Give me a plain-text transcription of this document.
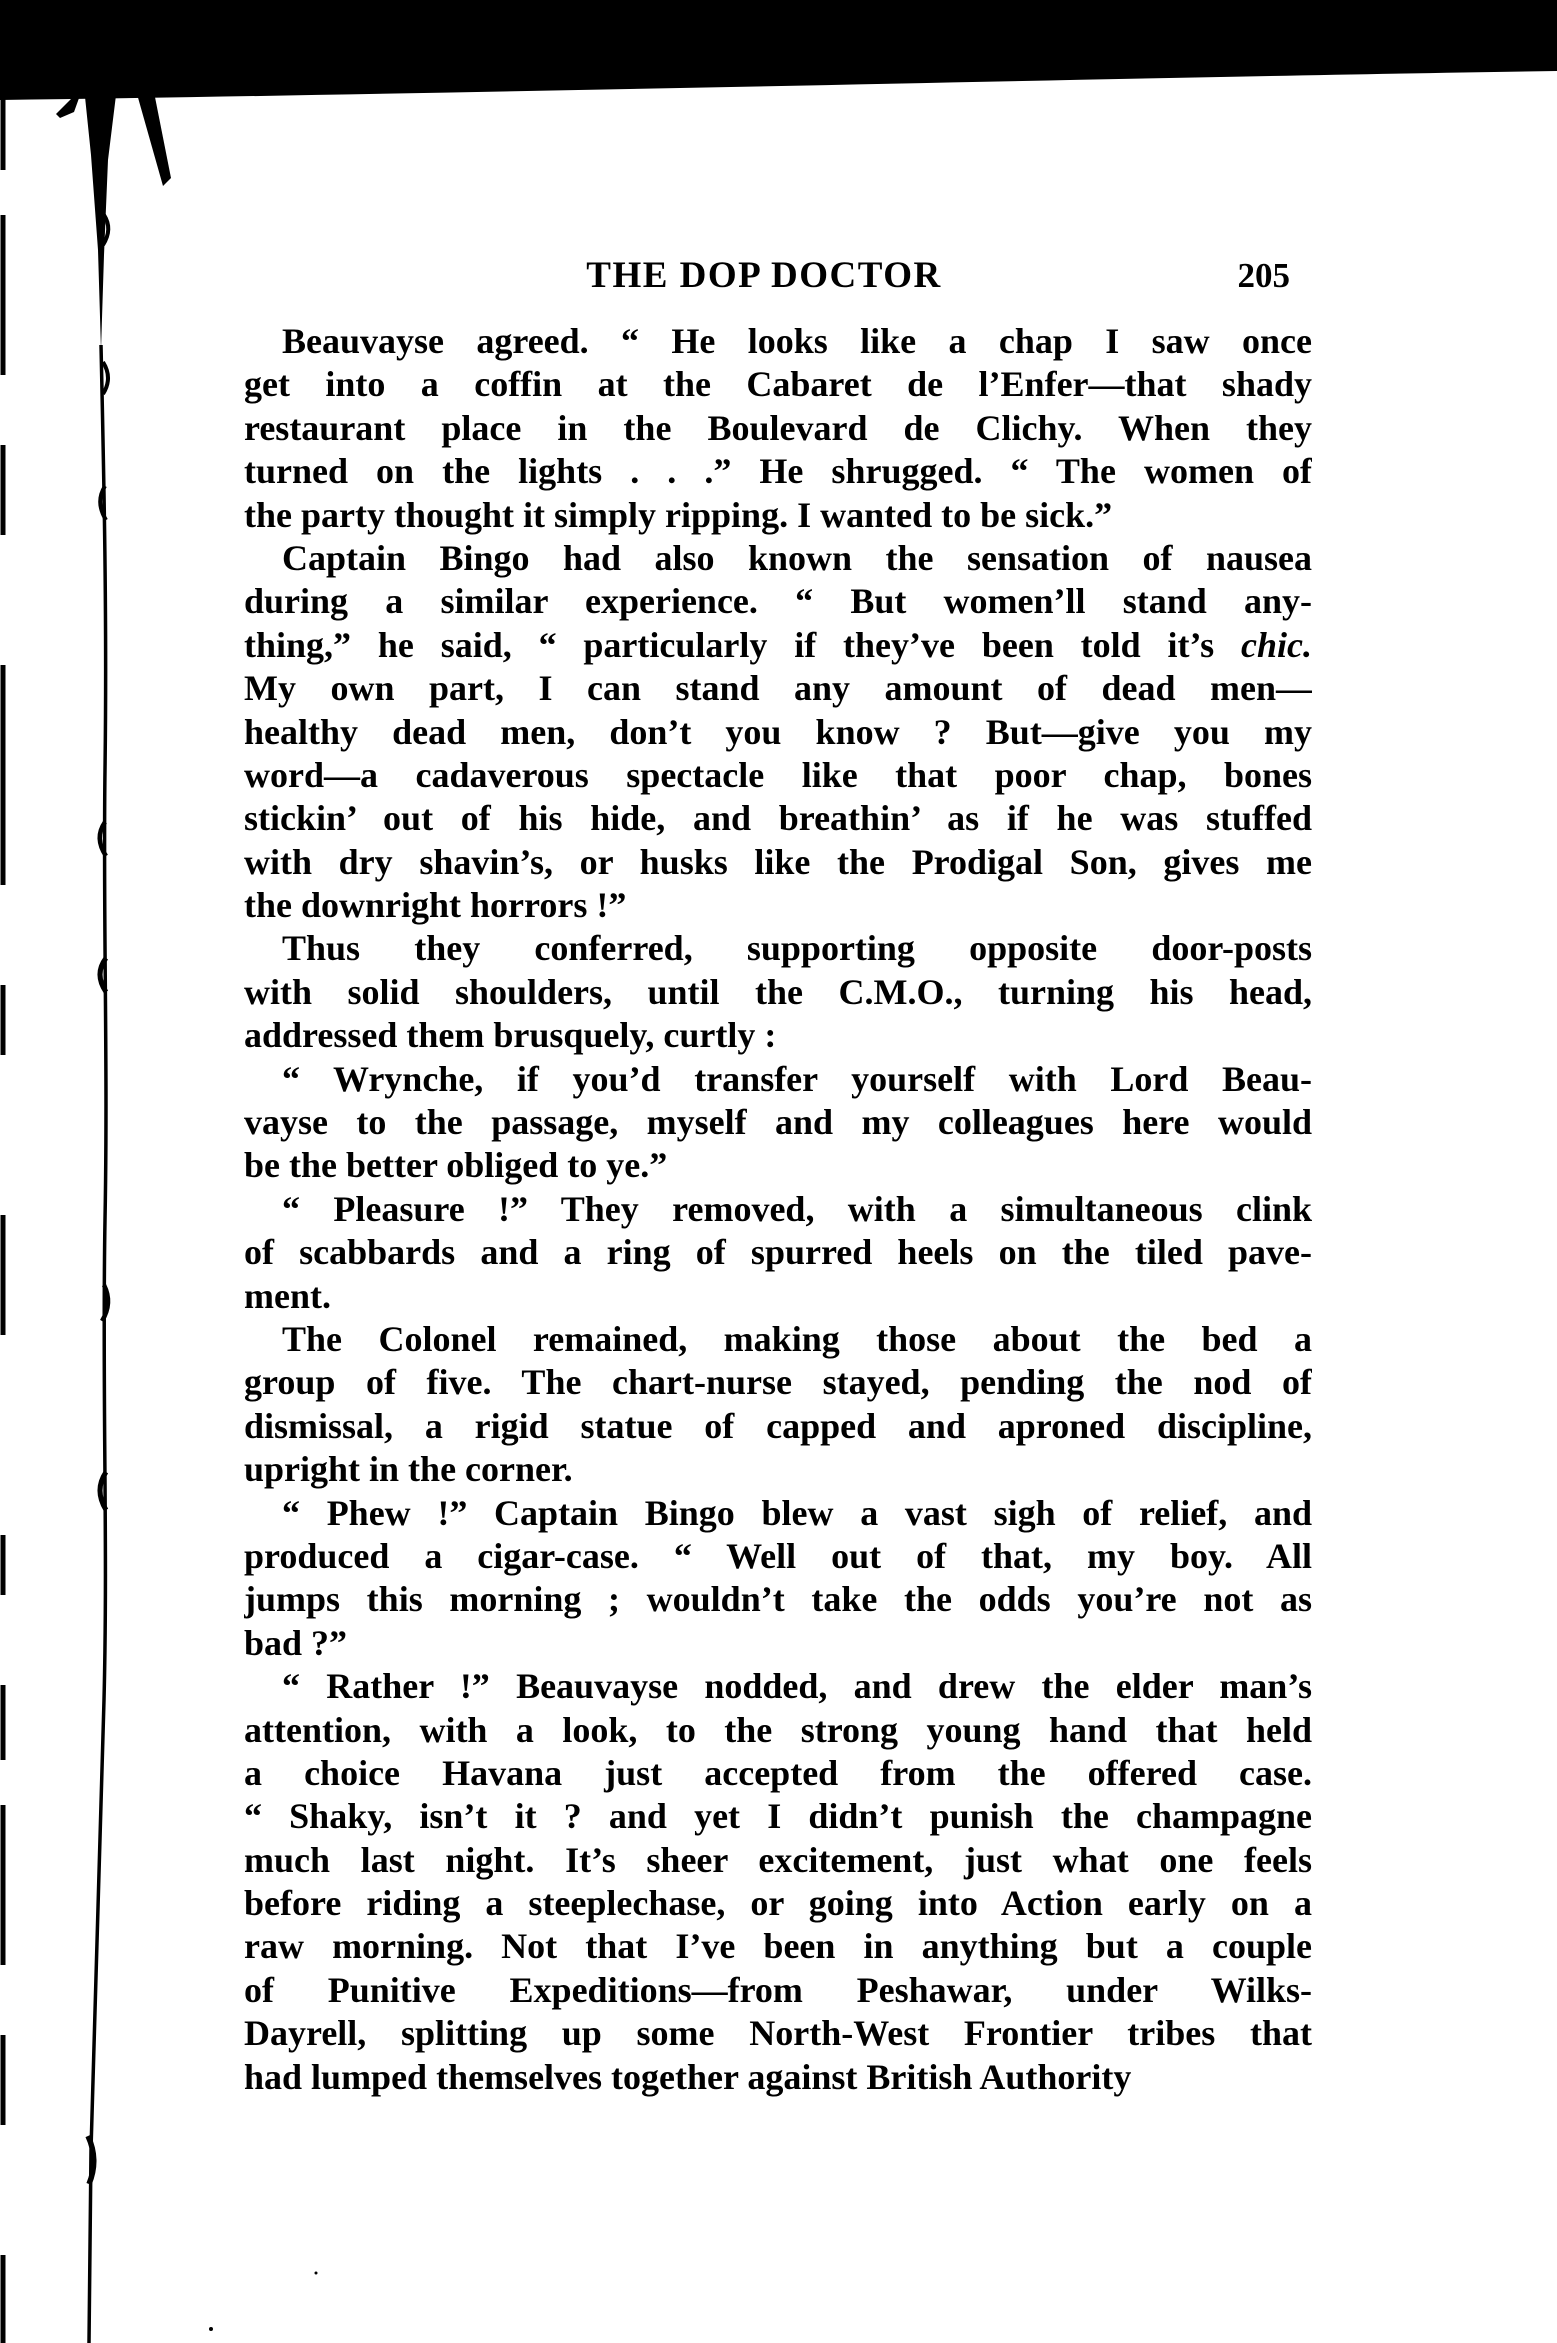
THE DOP DOCTOR	205
Beauvayse agreed. “ He looks like a chap I saw once
get into a coffin at the Cabaret de l’Enfer—that shady
restaurant place in the Boulevard de Clichy. When they
turned on the lights . . .” He shrugged. “ The women of
the party thought it simply ripping. I wanted to be sick.”
Captain Bingo had also known the sensation of nausea
during a similar experience. “ But women’ll stand any-
thing,” he said, “ particularly if they’ve been told it’s chic.
My own part, I can stand any amount of dead men—
healthy dead men, don’t you know ? But—give you my
word—a cadaverous spectacle like that poor chap, bones
stickin’ out of his hide, and breathin’ as if he was stuffed
with dry shavin’s, or husks like the Prodigal Son, gives me
the downright horrors !”
Thus they conferred, supporting opposite door-posts
with solid shoulders, until the C.M.O., turning his head,
addressed them brusquely, curtly :
“ Wrynche, if you’d transfer yourself with Lord Beau-
vayse to the passage, myself and my colleagues here would
be the better obliged to ye.”
“ Pleasure !” They removed, with a simultaneous clink
of scabbards and a ring of spurred heels on the tiled pave-
ment.
The Colonel remained, making those about the bed a
group of five. The chart-nurse stayed, pending the nod of
dismissal, a rigid statue of capped and aproned discipline,
upright in the corner.
“ Phew !” Captain Bingo blew a vast sigh of relief, and
produced a cigar-case. “ Well out of that, my boy. All
jumps this morning ; wouldn’t take the odds you’re not as
bad ?”
“ Rather !” Beauvayse nodded, and drew the elder man’s
attention, with a look, to the strong young hand that held
a choice Havana just accepted from the offered case.
“ Shaky, isn’t it ? and yet I didn’t punish the champagne
much last night. It’s sheer excitement, just what one feels
before riding a steeplechase, or going into Action early on a
raw morning. Not that I’ve been in anything but a couple
of Punitive Expeditions—from Peshawar, under Wilks-
Dayrell, splitting up some North-West Frontier tribes that
had lumped themselves together against British Authority
